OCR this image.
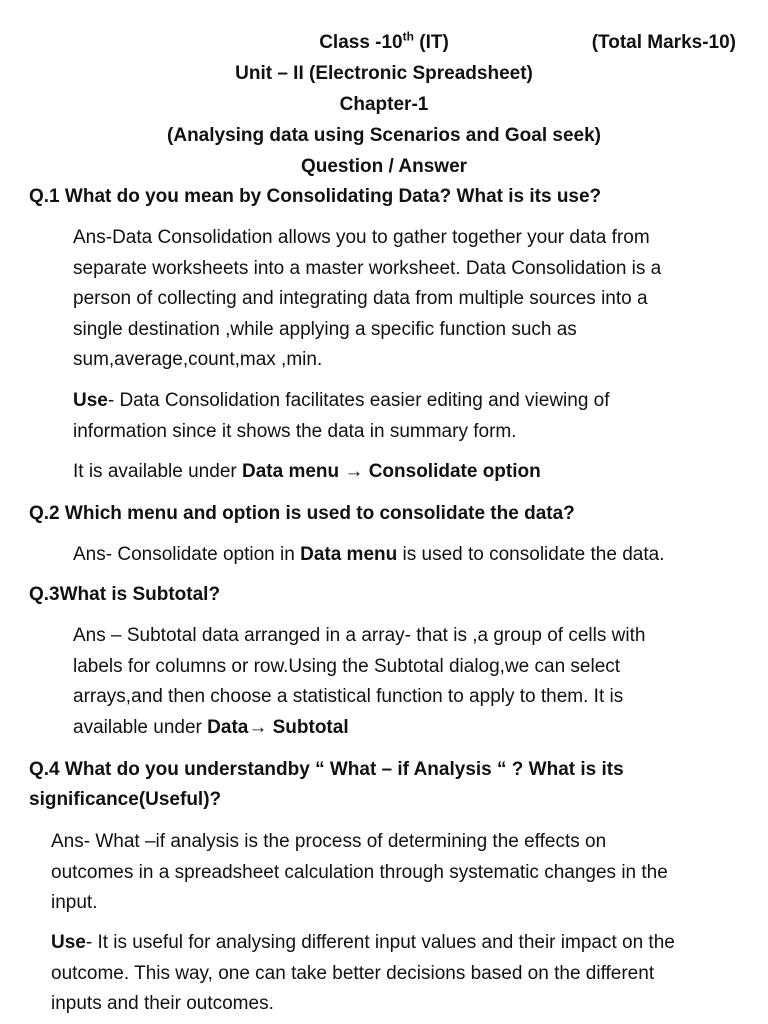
Class -10th (IT)	(Total Marks-10)
Unit – II (Electronic Spreadsheet)
Chapter-1
(Analysing data using Scenarios and Goal seek)
Question / Answer
Q.1 What do you mean by Consolidating Data? What is its use?
Ans-Data Consolidation allows you to gather together your data from
separate worksheets into a master worksheet. Data Consolidation is a
person of collecting and integrating data from multiple sources into a
single destination ,while applying a specific function such as
sum,average,count,max ,min.
Use- Data Consolidation facilitates easier editing and viewing of
information since it shows the data in summary form.
It is available under Data menu → Consolidate option
Q.2 Which menu and option is used to consolidate the data?
Ans- Consolidate option in Data menu is used to consolidate the data.
Q.3What is Subtotal?
Ans – Subtotal data arranged in a array- that is ,a group of cells with
labels for columns or row.Using the Subtotal dialog,we can select
arrays,and then choose a statistical function to apply to them. It is
available under Data→ Subtotal
Q.4 What do you understandby “ What – if Analysis “ ? What is its
significance(Useful)?
Ans- What –if analysis is the process of determining the effects on
outcomes in a spreadsheet calculation through systematic changes in the
input.
Use- It is useful for analysing different input values and their impact on the
outcome. This way, one can take better decisions based on the different
inputs and their outcomes.
